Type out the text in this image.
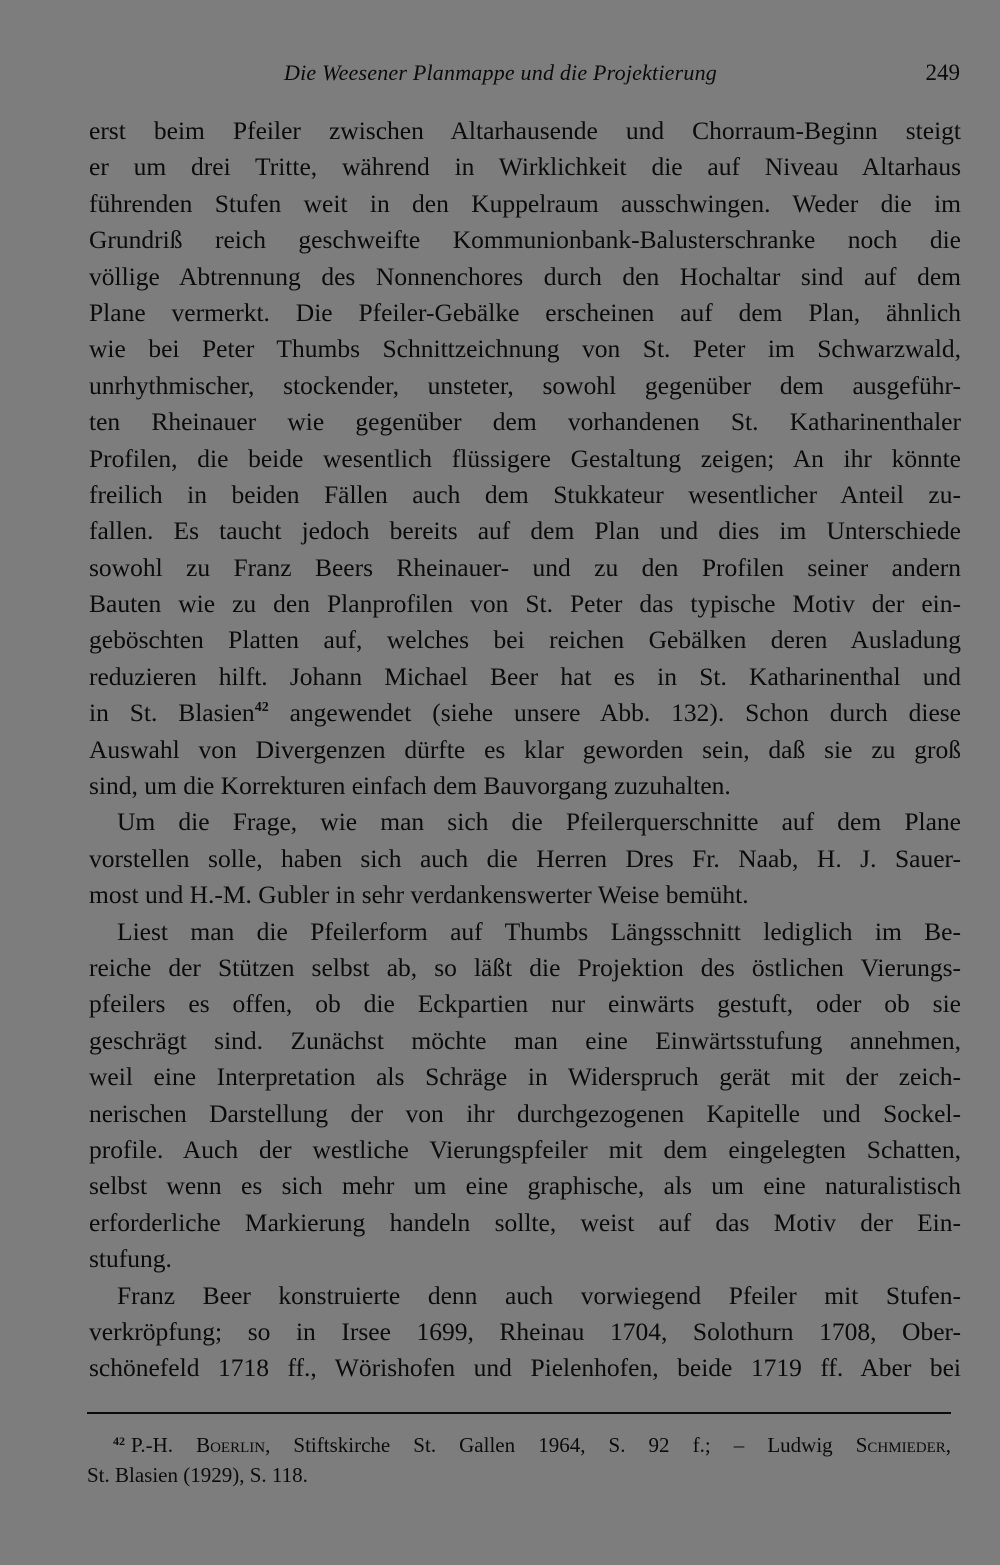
Die Weesener Planmappe und die Projektierung	249
erst beim Pfeiler zwischen Altarhausende und Chorraum-Beginn steigt
er um drei Tritte, während in Wirklichkeit die auf Niveau Altarhaus
führenden Stufen weit in den Kuppelraum ausschwingen. Weder die im
Grundriß reich geschweifte Kommunionbank-Balusterschranke noch die
völlige Abtrennung des Nonnenchores durch den Hochaltar sind auf dem
Plane vermerkt. Die Pfeiler-Gebälke erscheinen auf dem Plan, ähnlich
wie bei Peter Thumbs Schnittzeichnung von St. Peter im Schwarzwald,
unrhythmischer, stockender, unsteter, sowohl gegenüber dem ausgeführ-
ten Rheinauer wie gegenüber dem vorhandenen St. Katharinenthaler
Profilen, die beide wesentlich flüssigere Gestaltung zeigen; An ihr könnte
freilich in beiden Fällen auch dem Stukkateur wesentlicher Anteil zu-
fallen. Es taucht jedoch bereits auf dem Plan und dies im Unterschiede
sowohl zu Franz Beers Rheinauer- und zu den Profilen seiner andern
Bauten wie zu den Planprofilen von St. Peter das typische Motiv der ein-
geböschten Platten auf, welches bei reichen Gebälken deren Ausladung
reduzieren hilft. Johann Michael Beer hat es in St. Katharinenthal und
in St. Blasien$^{42}$ angewendet (siehe unsere Abb. 132). Schon durch diese
Auswahl von Divergenzen dürfte es klar geworden sein, daß sie zu groß
sind, um die Korrekturen einfach dem Bauvorgang zuzuhalten.
Um die Frage, wie man sich die Pfeilerquerschnitte auf dem Plane
vorstellen solle, haben sich auch die Herren Dres Fr. Naab, H. J. Sauer-
most und H.-M. Gubler in sehr verdankenswerter Weise bemüht.
Liest man die Pfeilerform auf Thumbs Längsschnitt lediglich im Be-
reiche der Stützen selbst ab, so läßt die Projektion des östlichen Vierungs-
pfeilers es offen, ob die Eckpartien nur einwärts gestuft, oder ob sie
geschrägt sind. Zunächst möchte man eine Einwärtsstufung annehmen,
weil eine Interpretation als Schräge in Widerspruch gerät mit der zeich-
nerischen Darstellung der von ihr durchgezogenen Kapitelle und Sockel-
profile. Auch der westliche Vierungspfeiler mit dem eingelegten Schatten,
selbst wenn es sich mehr um eine graphische, als um eine naturalistisch
erforderliche Markierung handeln sollte, weist auf das Motiv der Ein-
stufung.
Franz Beer konstruierte denn auch vorwiegend Pfeiler mit Stufen-
verkröpfung; so in Irsee 1699, Rheinau 1704, Solothurn 1708, Ober-
schönefeld 1718 ff., Wörishofen und Pielenhofen, beide 1719 ff. Aber bei
$^{42}$ P.-H. Boerlin, Stiftskirche St. Gallen 1964, S. 92 f.; – Ludwig Schmieder,
St. Blasien (1929), S. 118.
